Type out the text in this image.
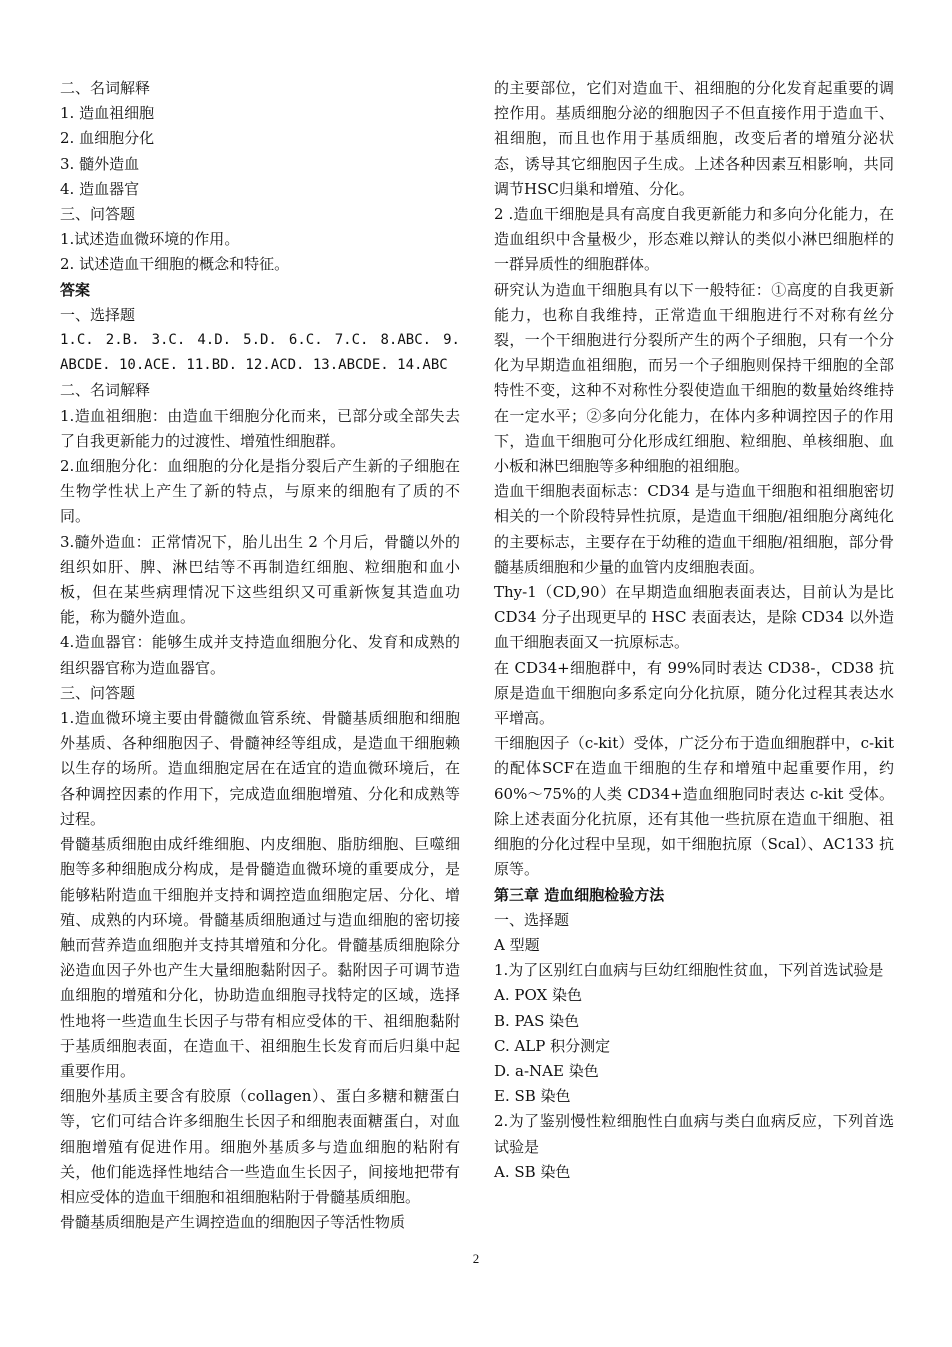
二、名词解释

1. 造血祖细胞

2. 血细胞分化

3. 髓外造血

4. 造血器官

三、问答题

1.试述造血微环境的作用。

2. 试述造血干细胞的概念和特征。

答案

一、选择题

1.C. 2.B. 3.C. 4.D. 5.D. 6.C. 7.C. 8.ABC. 9. ABCDE. 10.ACE. 11.BD. 12.ACD. 13.ABCDE. 14.ABC

二、名词解释

1.造血祖细胞：由造血干细胞分化而来，已部分或全部失去了自我更新能力的过渡性、增殖性细胞群。

2.血细胞分化：血细胞的分化是指分裂后产生新的子细胞在生物学性状上产生了新的特点，与原来的细胞有了质的不同。

3.髓外造血：正常情况下，胎儿出生 2 个月后，骨髓以外的组织如肝、脾、淋巴结等不再制造红细胞、粒细胞和血小板，但在某些病理情况下这些组织又可重新恢复其造血功能，称为髓外造血。

4.造血器官：能够生成并支持造血细胞分化、发育和成熟的组织器官称为造血器官。

三、问答题

1.造血微环境主要由骨髓微血管系统、骨髓基质细胞和细胞外基质、各种细胞因子、骨髓神经等组成，是造血干细胞赖以生存的场所。造血细胞定居在在适宜的造血微环境后，在各种调控因素的作用下，完成造血细胞增殖、分化和成熟等过程。

骨髓基质细胞由成纤维细胞、内皮细胞、脂肪细胞、巨噬细胞等多种细胞成分构成，是骨髓造血微环境的重要成分，是能够粘附造血干细胞并支持和调控造血细胞定居、分化、增殖、成熟的内环境。骨髓基质细胞通过与造血细胞的密切接触而营养造血细胞并支持其增殖和分化。骨髓基质细胞除分泌造血因子外也产生大量细胞黏附因子。黏附因子可调节造血细胞的增殖和分化，协助造血细胞寻找特定的区域，选择性地将一些造血生长因子与带有相应受体的干、祖细胞黏附于基质细胞表面，在造血干、祖细胞生长发育而后归巢中起重要作用。

细胞外基质主要含有胶原（collagen）、蛋白多糖和糖蛋白等，它们可结合许多细胞生长因子和细胞表面糖蛋白，对血细胞增殖有促进作用。细胞外基质多与造血细胞的粘附有关，他们能选择性地结合一些造血生长因子，间接地把带有相应受体的造血干细胞和祖细胞粘附于骨髓基质细胞。

骨髓基质细胞是产生调控造血的细胞因子等活性物质

的主要部位，它们对造血干、祖细胞的分化发育起重要的调控作用。基质细胞分泌的细胞因子不但直接作用于造血干、祖细胞，而且也作用于基质细胞，改变后者的增殖分泌状态，诱导其它细胞因子生成。上述各种因素互相影响，共同调节HSC归巢和增殖、分化。

2 .造血干细胞是具有高度自我更新能力和多向分化能力，在造血组织中含量极少，形态难以辩认的类似小淋巴细胞样的一群异质性的细胞群体。

研究认为造血干细胞具有以下一般特征：①高度的自我更新能力，也称自我维持，正常造血干细胞进行不对称有丝分裂，一个干细胞进行分裂所产生的两个子细胞，只有一个分化为早期造血祖细胞，而另一个子细胞则保持干细胞的全部特性不变，这种不对称性分裂使造血干细胞的数量始终维持在一定水平；②多向分化能力，在体内多种调控因子的作用下，造血干细胞可分化形成红细胞、粒细胞、单核细胞、血小板和淋巴细胞等多种细胞的祖细胞。

造血干细胞表面标志：CD34 是与造血干细胞和祖细胞密切相关的一个阶段特异性抗原，是造血干细胞/祖细胞分离纯化的主要标志，主要存在于幼稚的造血干细胞/祖细胞，部分骨髓基质细胞和少量的血管内皮细胞表面。

Thy-1（CD,90）在早期造血细胞表面表达，目前认为是比 CD34 分子出现更早的 HSC 表面表达，是除 CD34 以外造血干细胞表面又一抗原标志。

在 CD34+细胞群中，有 99%同时表达 CD38-，CD38 抗原是造血干细胞向多系定向分化抗原，随分化过程其表达水平增高。

干细胞因子（c-kit）受体，广泛分布于造血细胞群中，c-kit的配体SCF在造血干细胞的生存和增殖中起重要作用，约 60%～75%的人类 CD34+造血细胞同时表达 c-kit 受体。除上述表面分化抗原，还有其他一些抗原在造血干细胞、祖细胞的分化过程中呈现，如干细胞抗原（Scal）、AC133 抗原等。

第三章 造血细胞检验方法

一、选择题

A 型题

1.为了区别红白血病与巨幼红细胞性贫血，下列首选试验是

A. POX 染色

B. PAS 染色

C. ALP 积分测定

D. a-NAE 染色

E. SB 染色

2.为了鉴别慢性粒细胞性白血病与类白血病反应，下列首选试验是

A. SB 染色

2
